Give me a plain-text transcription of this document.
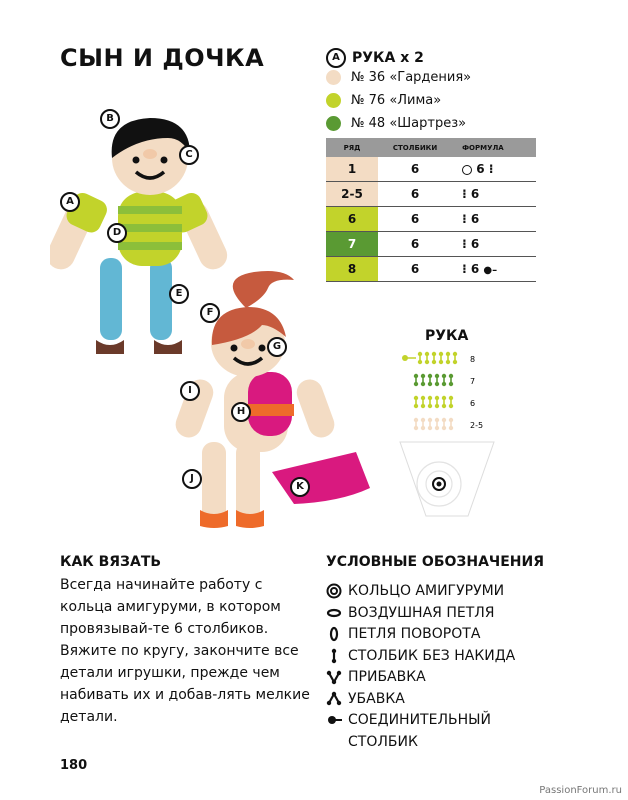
СЫН И ДОЧКА	A РУКА x 2
№ 36 «Гардения»
№ 76 «Лима»
№ 48 «Шартрез»
РЯД	СТОЛБИКИ	ФОРМУЛА
1	6	6 ⁝
2-5	6	⁝ 6
6	6	⁝ 6
7	6	⁝ 6
8	6	⁝ 6 ●–
A
B
C
D
E
F
G
I
H
J
K
РУКА
8
7
6
2-5
КАК ВЯЗАТЬ
Всегда начинайте работу с кольца амигуруми, в котором провязывай-те 6 столбиков. Вяжите по кругу, закончите все детали игрушки, прежде чем набивать их и добав-лять мелкие детали.
УСЛОВНЫЕ ОБОЗНАЧЕНИЯ
КОЛЬЦО АМИГУРУМИ
ВОЗДУШНАЯ ПЕТЛЯ
ПЕТЛЯ ПОВОРОТА
СТОЛБИК БЕЗ НАКИДА
ПРИБАВКА
УБАВКА
СОЕДИНИТЕЛЬНЫЙ
СТОЛБИК
180
PassionForum.ru
